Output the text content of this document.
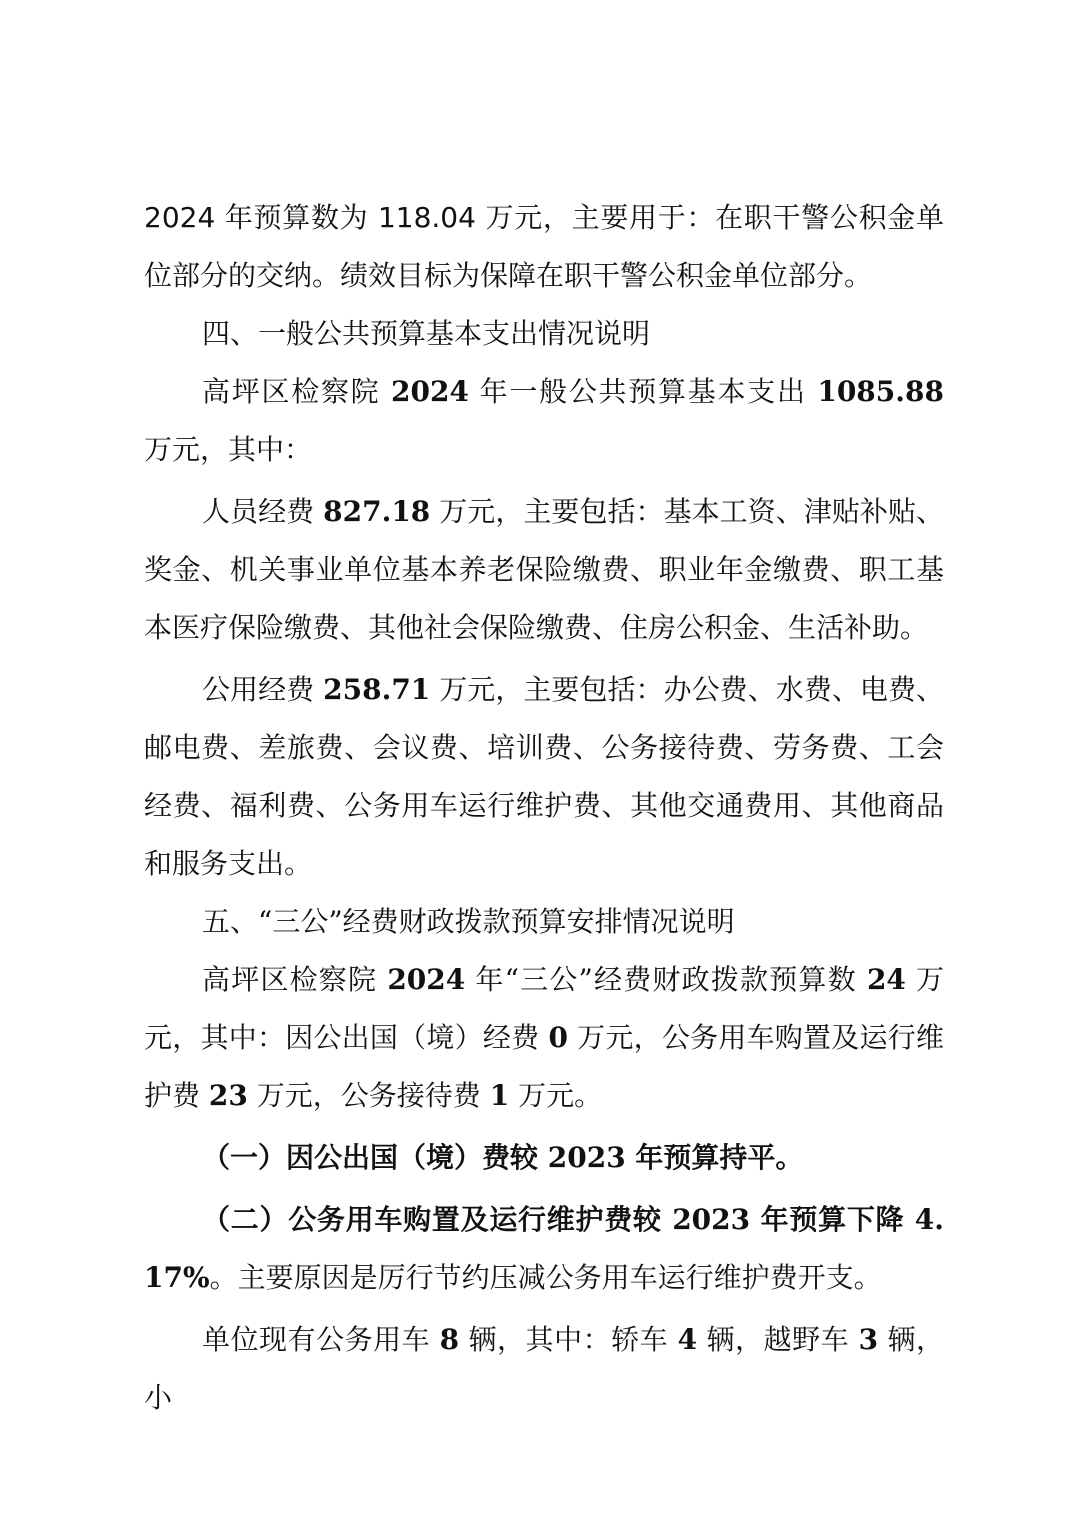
2024 年预算数为 118.04 万元，主要用于：在职干警公积金单位部分的交纳。绩效目标为保障在职干警公积金单位部分。

四、一般公共预算基本支出情况说明

高坪区检察院 2024 年一般公共预算基本支出 1085.88 万元，其中：

人员经费 827.18 万元，主要包括：基本工资、津贴补贴、奖金、机关事业单位基本养老保险缴费、职业年金缴费、职工基本医疗保险缴费、其他社会保险缴费、住房公积金、生活补助。

公用经费 258.71 万元，主要包括：办公费、水费、电费、邮电费、差旅费、会议费、培训费、公务接待费、劳务费、工会经费、福利费、公务用车运行维护费、其他交通费用、其他商品和服务支出。

五、“三公”经费财政拨款预算安排情况说明

高坪区检察院 2024 年“三公”经费财政拨款预算数 24 万元，其中：因公出国（境）经费 0 万元，公务用车购置及运行维护费 23 万元，公务接待费 1 万元。

（一）因公出国（境）费较 2023 年预算持平。

（二）公务用车购置及运行维护费较 2023 年预算下降 4.17%。主要原因是厉行节约压减公务用车运行维护费开支。

单位现有公务用车 8 辆，其中：轿车 4 辆，越野车 3 辆，小
